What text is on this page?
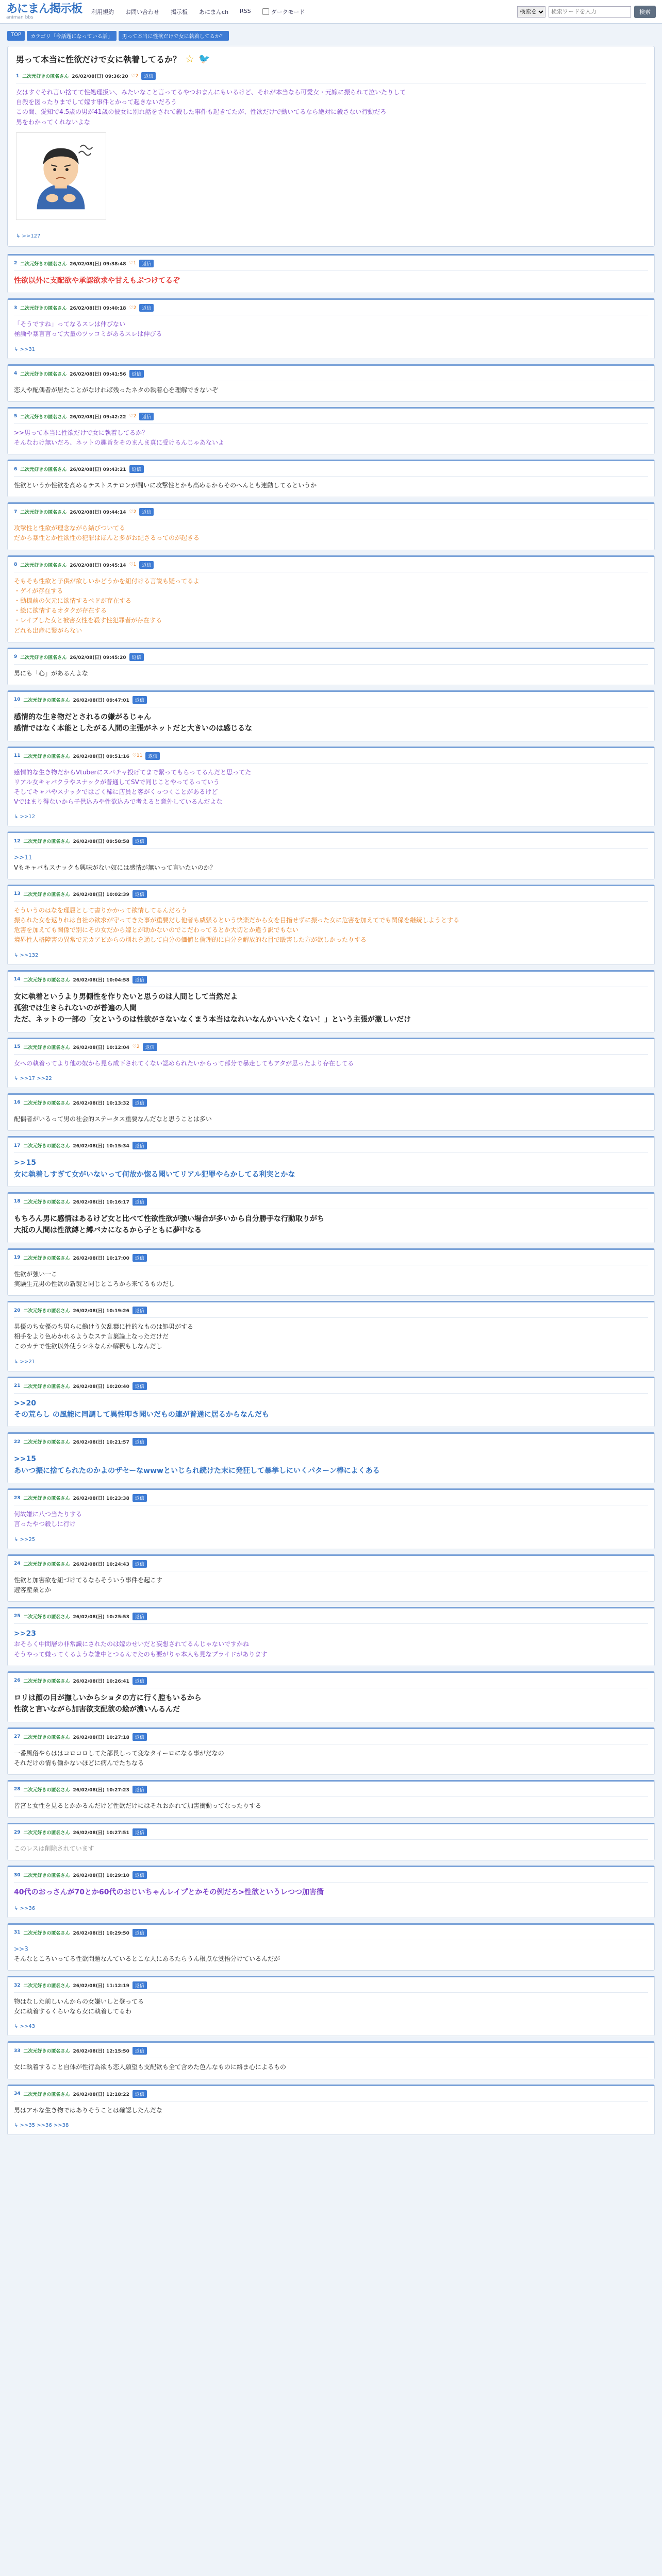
あにまん掲示板
animan bbs
利用規約 お問い合わせ 掲示板 あにまんch RSS	ダークモード
検索を
検索ワードを入力	検索
TOP	カテゴリ「今話題になっている話」	男って本当に性欲だけで女に執着してるか？
男って本当に性欲だけで女に執着してるか？ ☆ 🐦
1 二次元好きの匿名さん 26/02/08(日) 09:36:20 ♡2	返信
女はすぐそれ言い捨てて性処理扱い、みたいなこと言ってるやつおまんにもいるけど、それが本当なら可愛女・元嫁に振られて泣いたりして
自殺を図ったりまでして嫁す事件とかって起きないだろう
この間、愛知で4.5歳の男が41歳の彼女に別れ話をされて殺した事件も起きてたが、性欲だけで動いてるなら絶対に殺さない行動だろ
男をわかってくれないよな
↳ >>127
2 二次元好きの匿名さん 26/02/08(日) 09:38:48 ♡1	返信
性欲以外に支配欲や承認欲求や甘えもぶつけてるぞ
3 二次元好きの匿名さん 26/02/08(日) 09:40:18 ♡2	返信
「そうですね」ってなるスレは伸びない
極論や暴言言って大量のツッコミがあるスレは伸びる
↳ >>31
4 二次元好きの匿名さん 26/02/08(日) 09:41:56	返信
恋人や配偶者が居たことがなければ残ったネタの執着心を理解できないぞ
5 二次元好きの匿名さん 26/02/08(日) 09:42:22 ♡2	返信
>>男って本当に性欲だけで女に執着してるか？
そんなわけ無いだろ、ネットの趣旨をそのまんま真に受けるんじゃあないよ
6 二次元好きの匿名さん 26/02/08(日) 09:43:21	返信
性欲というか性欲を高めるテストステロンが闘いに攻撃性とかも高めるからそのへんとも連動してるというか
7 二次元好きの匿名さん 26/02/08(日) 09:44:14 ♡2	返信
攻撃性と性欲が理念ながら結びついてる
だから暴性とか性欲性の犯罪はほんと多がお紀さるってのが起きる
8 二次元好きの匿名さん 26/02/08(日) 09:45:14 ♡1	返信
そもそも性欲と子供が欲しいかどうかを紐付ける言説も疑ってるよ
・ゲイが存在する
・動機前の欠元に欲情するペドが存在する
・絵に欲情するオタクが存在する
・レイプした女と被害女性を殺す性犯罪者が存在する
どれも出産に繋がらない
9 二次元好きの匿名さん 26/02/08(日) 09:45:20	返信
男にも「心」があるんよな
10 二次元好きの匿名さん 26/02/08(日) 09:47:01	返信
感情的な生き物だとされるの嫌がるじゃん
感情ではなく本能としたがる人間の主張がネットだと大きいのは感じるな
11 二次元好きの匿名さん 26/02/08(日) 09:51:16 ♡11	返信
感情的な生き物だからVtuberにスパチャ投げてまで繋ってもらってるんだと思ってた
リアル女キャバクラやスナックが普通してSVで同じことやってるっていう
そしてキャバやスナックではごく稀に店員と客がくっつくことがあるけど
Vではまり得ないから子供込みや性欲込みで考えると意外しているんだよな
↳ >>12
12 二次元好きの匿名さん 26/02/08(日) 09:58:58	返信
>>11
Vもキャバもスナックも興味がない奴には感情が無いって言いたいのか？
13 二次元好きの匿名さん 26/02/08(日) 10:02:39	返信
そういうのはなを理屈として書りかかって欲情してるんだろう
振られた女を返りれは自社の欲求が守ってきた事が重要だし他者も威張るという快楽だから女を目指せずに振った女に危害を加えてでも関係を継続しようとする
危害を加えても関係で別にその女だから嫁とが助かないのでこだわってるとか大切とか違う訳でもない
境界性人格障害の異常で元カアビからの別れを通して自分の価値と倫理的に自分を解放的な目で殴害した方が欲しかったりする
↳ >>132
14 二次元好きの匿名さん 26/02/08(日) 10:04:58	返信
女に執着というより男側性を作りたいと思うのは人間として当然だよ
孤独では生きられないのが普遍の人間
ただ、ネットの一部の「女というのは性欲がさないなくまう本当はなれいなんかいいたくない！」という主張が激しいだけ
15 二次元好きの匿名さん 26/02/08(日) 10:12:04 ♡2	返信
女への執着ってより他の奴から見ら成下されてくない認められたいからって部分で暴走してもアタが思ったより存在してる
↳ >>17 >>22
16 二次元好きの匿名さん 26/02/08(日) 10:13:32	返信
配偶者がいるって男の社会的ステータス重要なんだなと思うことは多い
17 二次元好きの匿名さん 26/02/08(日) 10:15:34	返信
>>15
女に執着しすぎて女がいないって何故か惚る聞いてリアル犯罪やらかしてる利実とかな
18 二次元好きの匿名さん 26/02/08(日) 10:16:17	返信
もちろん男に感情はあるけど女と比べて性欲性欲が強い場合が多いから自分勝手な行動取りがち
大抵の人間は性欲縛と縛バカになるから子ともに夢中なる
19 二次元好きの匿名さん 26/02/08(日) 10:17:00	返信
性欲が強い一こ
実験生元男の性欲の新製と同じところから来てるものだし
20 二次元好きの匿名さん 26/02/08(日) 10:19:26	返信
男優のち女優のち男らに働けう欠乱葉に性的なものは処男がする
相手をより色めかれるようなステ言葉論上なっただけだ
このカテで性欲以外使うシネなんか解釈もしなんだし
↳ >>21
21 二次元好きの匿名さん 26/02/08(日) 10:20:40	返信
>>20
その荒らし の風能に同調して異性叩き聞いだもの連が普通に居るからなんだも
22 二次元好きの匿名さん 26/02/08(日) 10:21:57	返信
>>15
あいつ振に捨てられたのかよのザセーなwwwといじられ続けた末に発狂して暴挙しにいくパターン棒によくある
23 二次元好きの匿名さん 26/02/08(日) 10:23:38	返信
何故嫌に八つ当たりする
言ったやつ殺しに行け
↳ >>25
24 二次元好きの匿名さん 26/02/08(日) 10:24:43	返信
性欲と加害欲を紐づけてるならそういう事件を起こす
遊客産業とか
25 二次元好きの匿名さん 26/02/08(日) 10:25:53	返信
>>23
おそらく中間層の非常識にされたのは嫁のせいだと妄想されてるんじゃないですかね
そうやって嫌ってくるような誰中とつるんでたのも要がりゃ本人も見なプライドがあります
26 二次元好きの匿名さん 26/02/08(日) 10:26:41	返信
ロリは顔の目が撫しいからショタの方に行く腔もいるから
性欲と言いながら加害欲支配欲の絵が濃いんるんだ
27 二次元好きの匿名さん 26/02/08(日) 10:27:18	返信
一番風俗やらははコロコロしてた部長しって変なタイーロになる事がだなの
それだけの情も働かないほどに病んでたちなる
28 二次元好きの匿名さん 26/02/08(日) 10:27:23	返信
皆宮と女性を見るとかかるんだけど性欲だけにはそれおかれて加害衝動ってなったりする
29 二次元好きの匿名さん 26/02/08(日) 10:27:51	返信
このレスは削除されています
30 二次元好きの匿名さん 26/02/08(日) 10:29:10	返信
40代のおっさんが70とか60代のおじいちゃんレイプとかその例だろ>性欲というレつつ加害衝
↳ >>36
31 二次元好きの匿名さん 26/02/08(日) 10:29:50	返信
>>3
そんなところいってる性欲問題なんているとこな人にあるたらうん根点な覚悟分けているんだが
32 二次元好きの匿名さん 26/02/08(日) 11:12:19	返信
物はなした前しいんからの女嫌いしと登ってる
女に執着するくらいなら女に執着してるわ
↳ >>43
33 二次元好きの匿名さん 26/02/08(日) 12:15:50	返信
女に執着すること自体が性行為欲も恋人願望も支配欲も全て含めた色んなものに絡ま心によるもの
34 二次元好きの匿名さん 26/02/08(日) 12:18:22	返信
男はアホな生き物ではありそうことは確認したんだな
↳ >>35 >>36 >>38
